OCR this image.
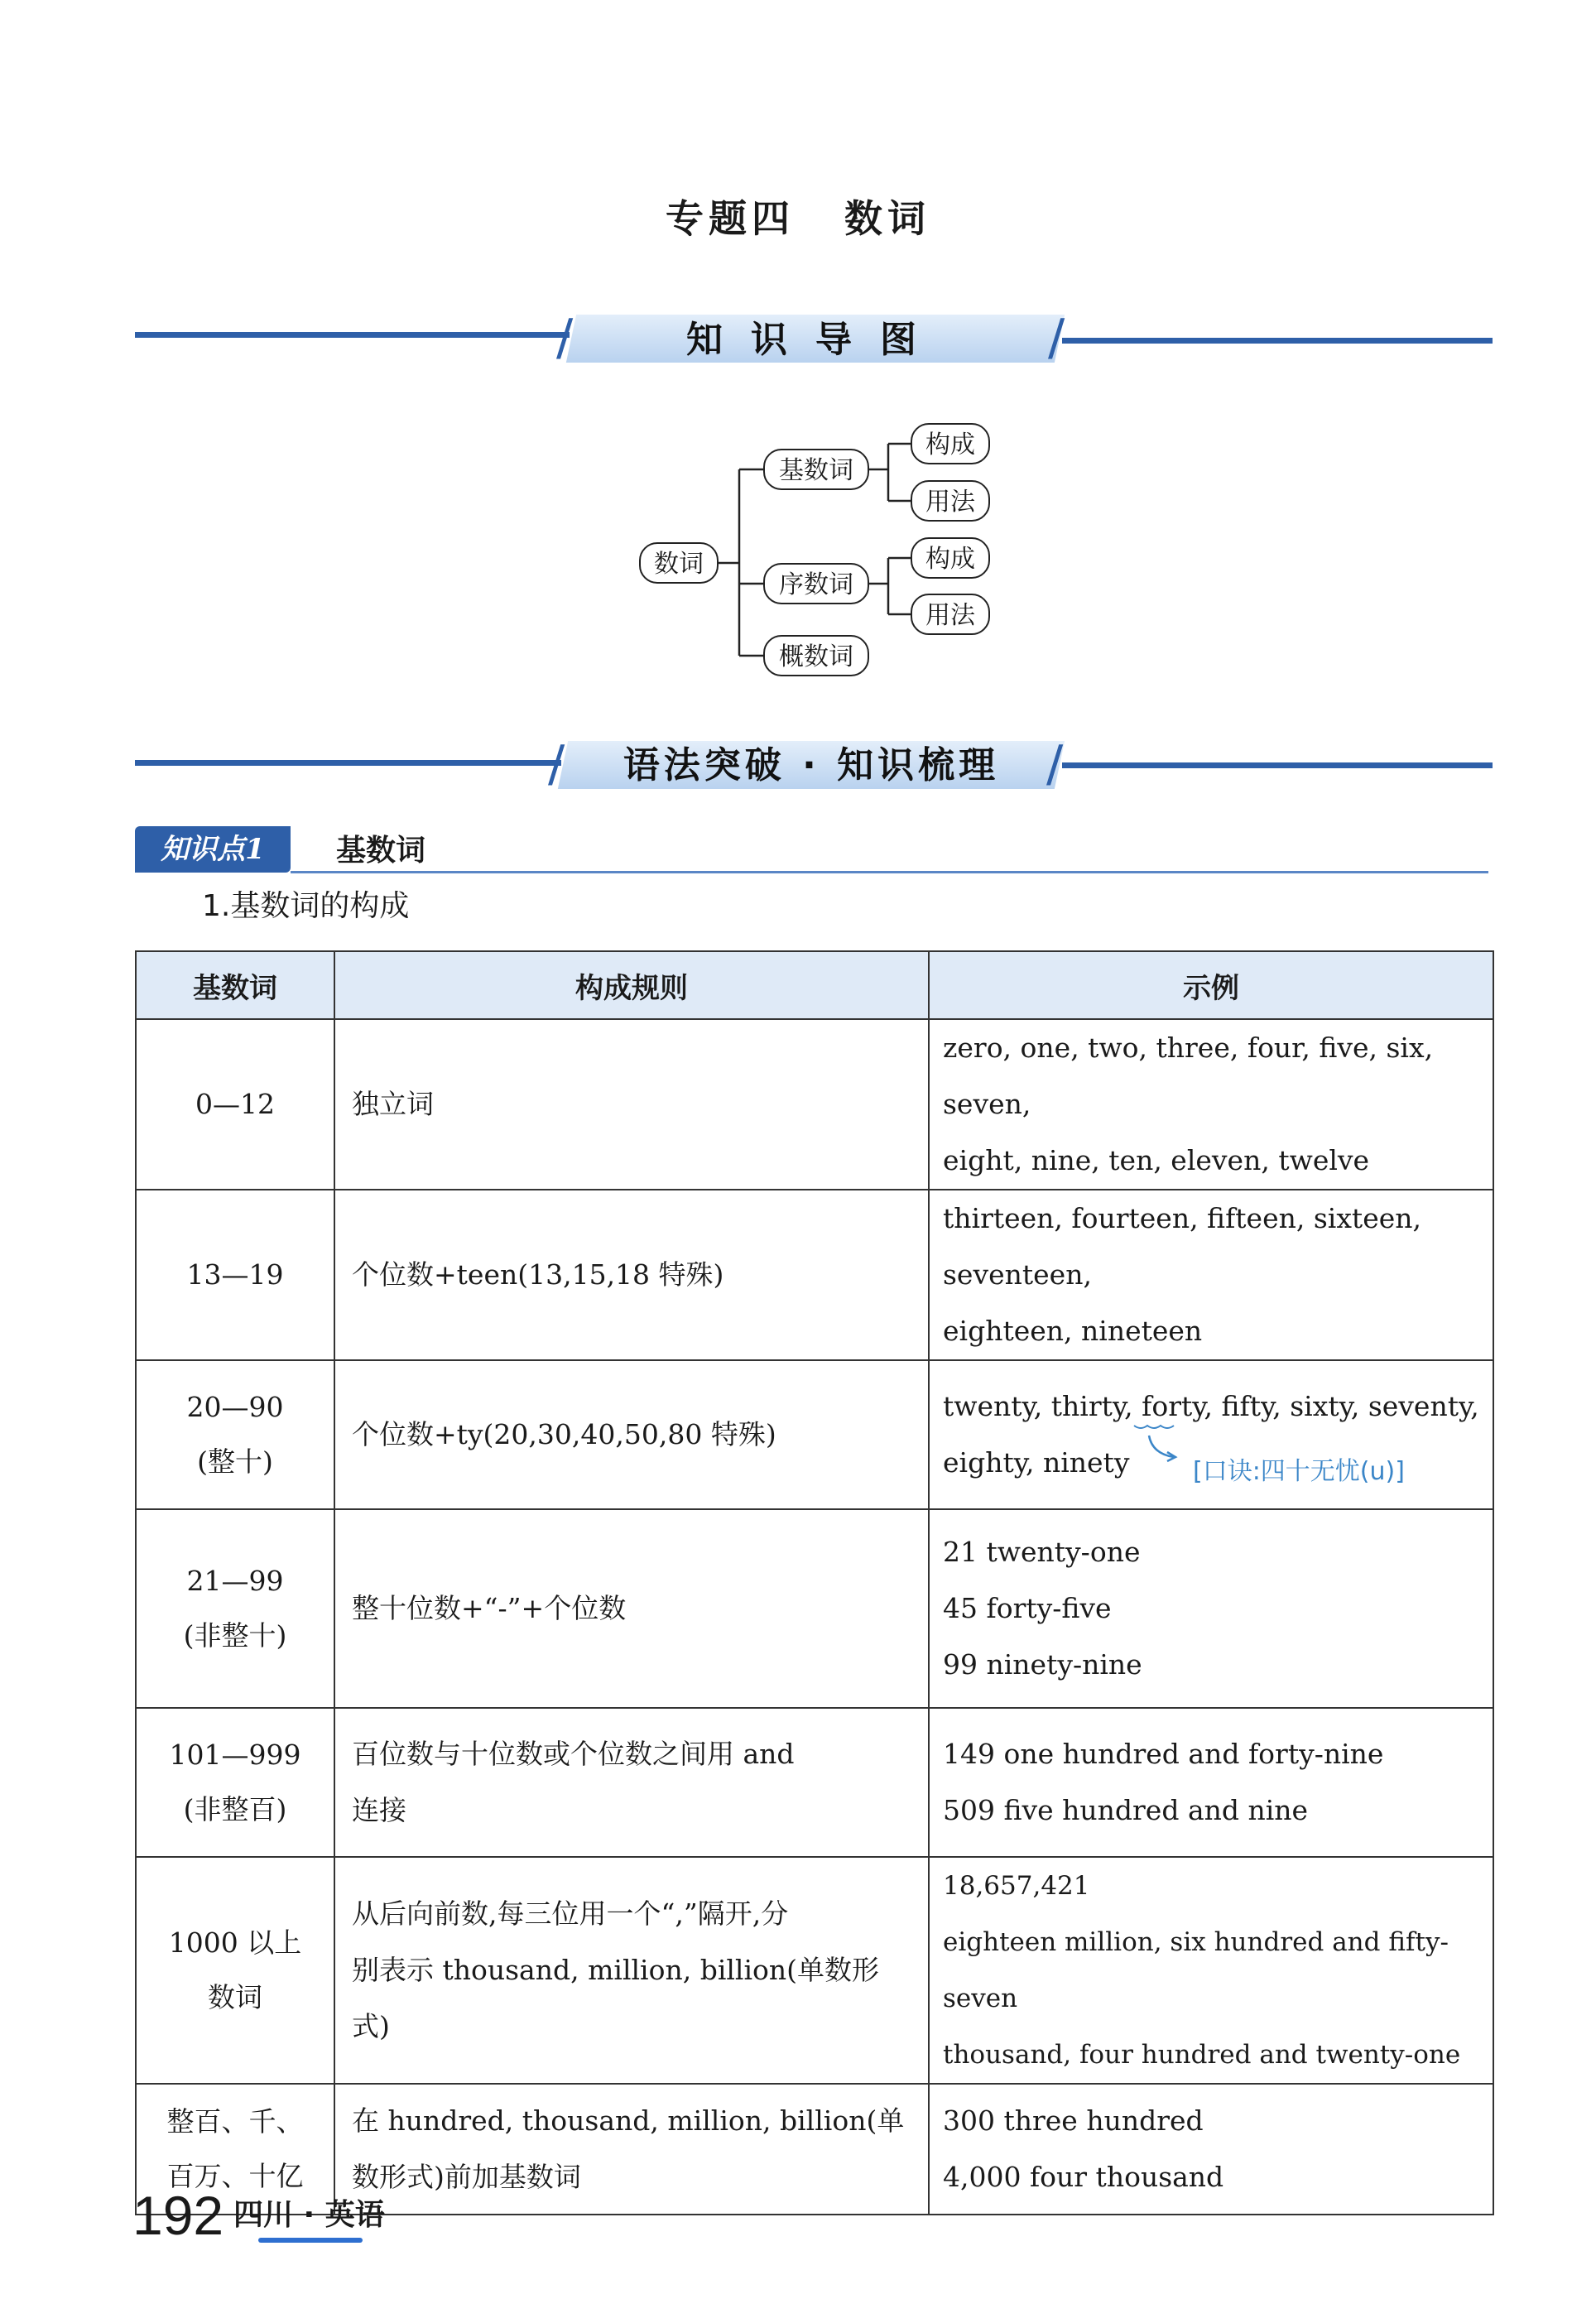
专题四 数词
/	/
知识导图
数词
基数词
序数词
概数词
构成
用法
构成
用法
/	/
语法突破 · 知识梳理
知识点1	基数词
1.基数词的构成
基数词	构成规则	示例

0—12	独立词	zero, one, two, three, four, five, six, seven,
eight, nine, ten, eleven, twelve

13—19	个位数+teen(13,15,18 特殊)	thirteen, fourteen, fifteen, sixteen, seventeen,
eighteen, nineteen

20—90
(整十)	个位数+ty(20,30,40,50,80 特殊)	twenty, thirty, forty, fifty, sixty, seventy,
eighty, ninety [口诀:四十无忧(u)]

21—99
(非整十)	整十位数+“-”+个位数	21 twenty-one
45 forty-five
99 ninety-nine

101—999
(非整百)	百位数与十位数或个位数之间用 and
连接	149 one hundred and forty-nine
509 five hundred and nine

1000 以上
数词	从后向前数,每三位用一个“,”隔开,分
别表示 thousand, million, billion(单数形
式)	18,657,421
eighteen million, six hundred and fifty-seven
thousand, four hundred and twenty-one

整百、千、
百万、十亿	在 hundred, thousand, million, billion(单
数形式)前加基数词	300 three hundred
4,000 four thousand
192 四川 · 英语
